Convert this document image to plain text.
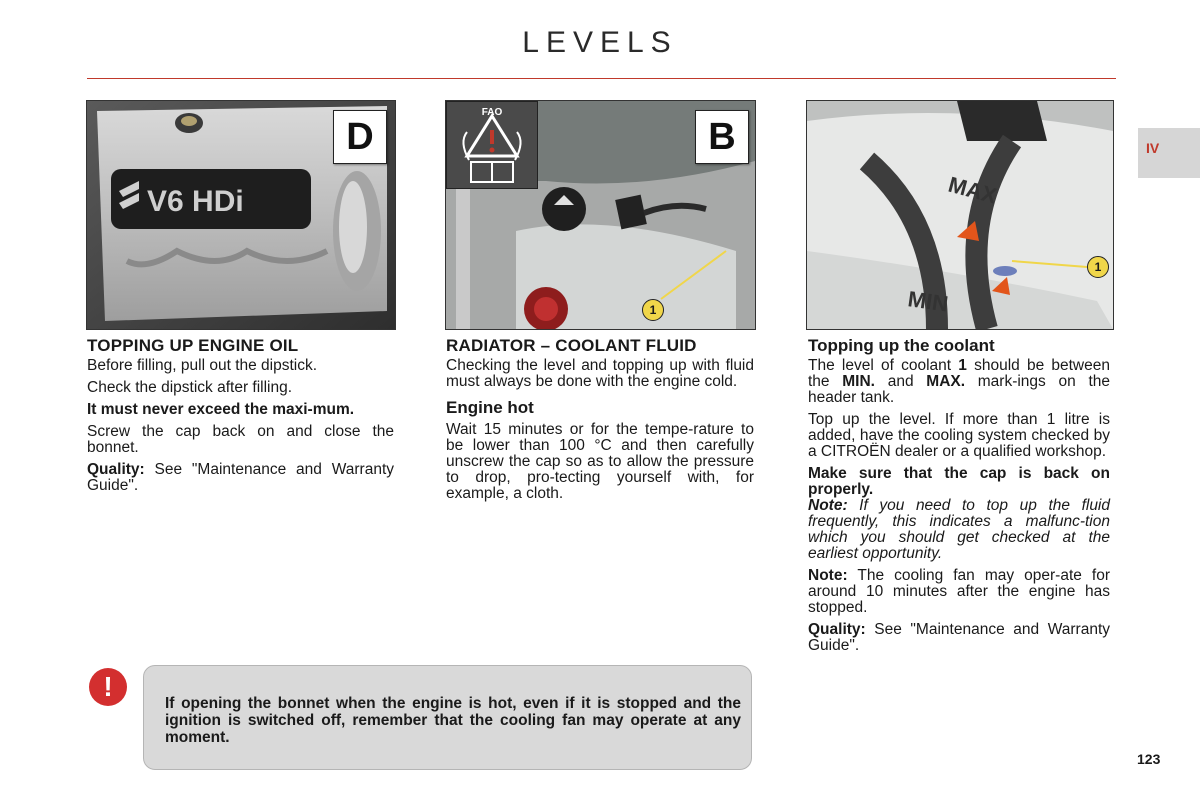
LEVELS
IV
V6 HDi
D
FAO
B
1
MAX
MIN
1

TOPPING UP ENGINE OIL

Before filling, pull out the dipstick.

Check the dipstick after filling.

It must never exceed the maxi-mum.

Screw the cap back on and close the bonnet.

Quality: See "Maintenance and Warranty Guide".

RADIATOR – COOLANT FLUID

Checking the level and topping up with fluid must always be done with the engine cold.

Engine hot

Wait 15 minutes or for the tempe-rature to be lower than 100 °C and then carefully unscrew the cap so as to allow the pressure to drop, pro-tecting yourself with, for example, a cloth.

Topping up the coolant

The level of coolant 1 should be between the MIN. and MAX. mark-ings on the header tank.

Top up the level. If more than 1 litre is added, have the cooling system checked by a CITROËN dealer or a qualified workshop.

Make sure that the cap is back on properly.

Note: If you need to top up the fluid frequently, this indicates a malfunc-tion which you should get checked at the earliest opportunity.

Note: The cooling fan may oper-ate for around 10 minutes after the engine has stopped.

Quality: See "Maintenance and Warranty Guide".

!

If opening the bonnet when the engine is hot, even if it is stopped and the ignition is switched off, remember that the cooling fan may operate at any moment.

123
